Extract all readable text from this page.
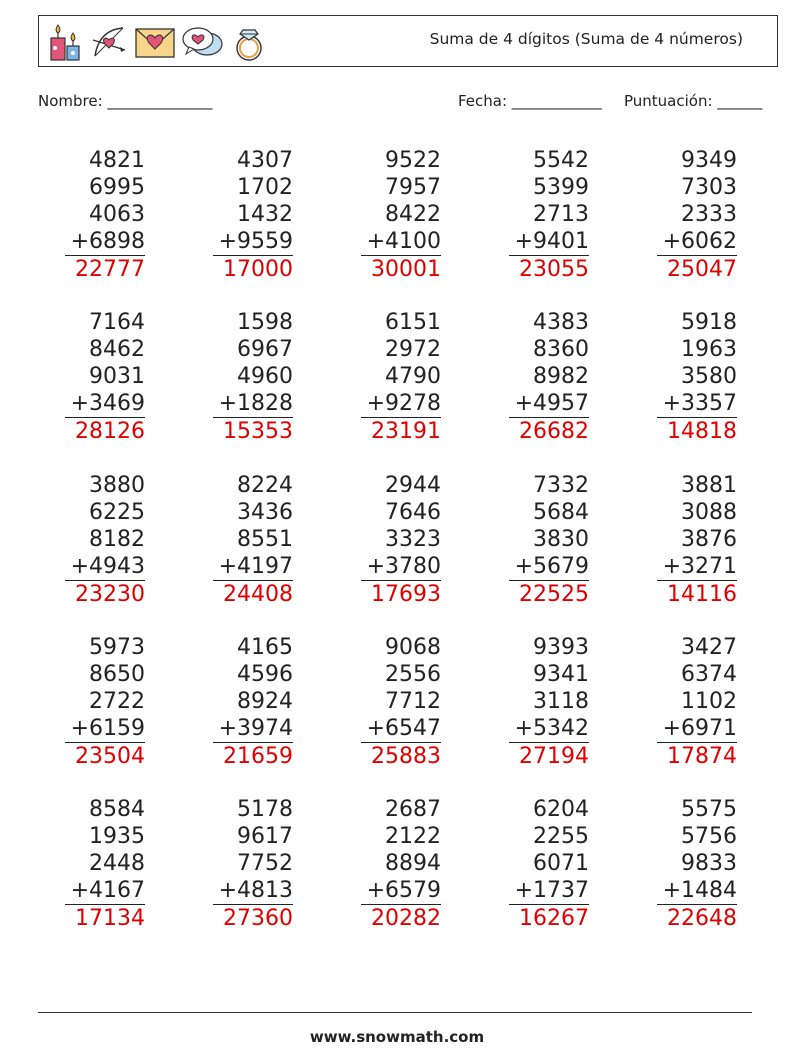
Suma de 4 dígitos (Suma de 4 números)
Nombre: ______________	Fecha: ____________ Puntuación: ______
4821
6995
4063
+6898
22777
4307
1702
1432
+9559
17000
9522
7957
8422
+4100
30001
5542
5399
2713
+9401
23055
9349
7303
2333
+6062
25047
7164
8462
9031
+3469
28126
1598
6967
4960
+1828
15353
6151
2972
4790
+9278
23191
4383
8360
8982
+4957
26682
5918
1963
3580
+3357
14818
3880
6225
8182
+4943
23230
8224
3436
8551
+4197
24408
2944
7646
3323
+3780
17693
7332
5684
3830
+5679
22525
3881
3088
3876
+3271
14116
5973
8650
2722
+6159
23504
4165
4596
8924
+3974
21659
9068
2556
7712
+6547
25883
9393
9341
3118
+5342
27194
3427
6374
1102
+6971
17874
8584
1935
2448
+4167
17134
5178
9617
7752
+4813
27360
2687
2122
8894
+6579
20282
6204
2255
6071
+1737
16267
5575
5756
9833
+1484
22648
www.snowmath.com
